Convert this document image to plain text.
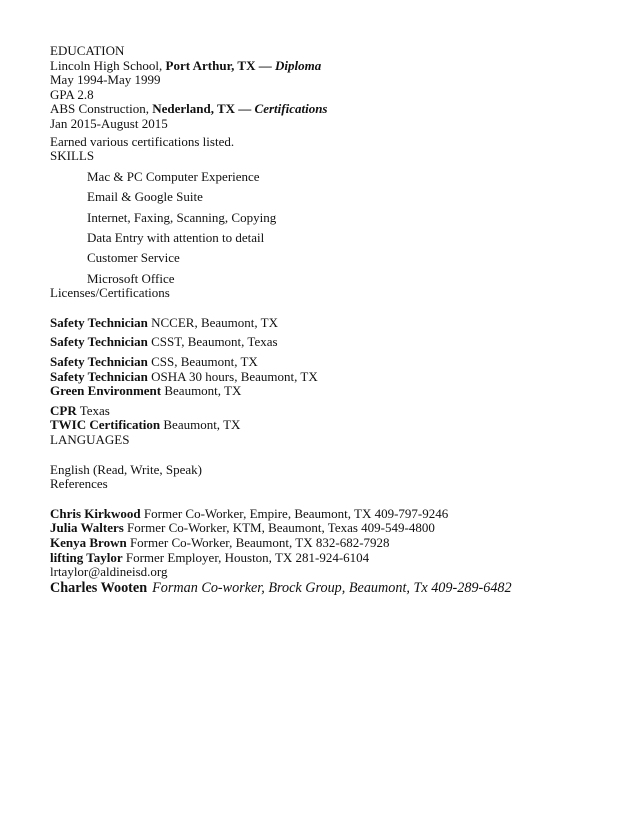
EDUCATION
Lincoln High School, Port Arthur, TX — Diploma
May 1994-May 1999
GPA 2.8
ABS Construction, Nederland, TX — Certifications
Jan 2015-August 2015
Earned various certifications listed.
SKILLS
Mac & PC Computer Experience
Email & Google Suite
Internet, Faxing, Scanning, Copying
Data Entry with attention to detail
Customer Service
Microsoft Office
Licenses/Certifications
Safety Technician NCCER, Beaumont, TX
Safety Technician CSST, Beaumont, Texas
Safety Technician CSS, Beaumont, TX
Safety Technician OSHA 30 hours, Beaumont, TX
Green Environment Beaumont, TX
CPR Texas
TWIC Certification Beaumont, TX
LANGUAGES
English (Read, Write, Speak)
References
Chris Kirkwood Former Co-Worker, Empire, Beaumont, TX 409-797-9246
Julia Walters Former Co-Worker, KTM, Beaumont, Texas 409-549-4800
Kenya Brown Former Co-Worker, Beaumont, TX 832-682-7928
lifting Taylor Former Employer, Houston, TX 281-924-6104
lrtaylor@aldineisd.org
Charles Wooten Forman Co-worker, Brock Group, Beaumont, Tx 409-289-6482
